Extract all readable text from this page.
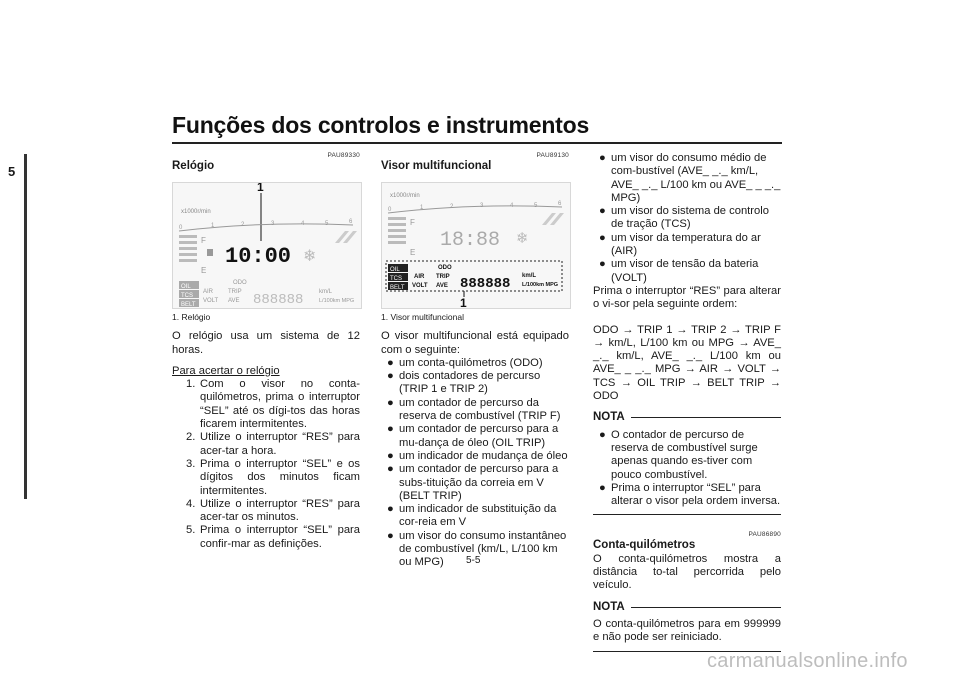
Funções dos controlos e instrumentos
5
PAU89330
Relógio
1
x1000r/min
0	1	2	3	4	5	6
F
E
10:00 ❄
OIL
TCS
BELT
ODO
AIR TRIP
VOLT AVE 888888	km/L
L/100km MPG
1. Relógio

O relógio usa um sistema de 12 horas.

Para acertar o relógio

1. Com o visor no conta-quilómetros, prima o interruptor “SEL” até os dígi-tos das horas ficarem intermitentes.
2. Utilize o interruptor “RES” para acer-tar a hora.
3. Prima o interruptor “SEL” e os dígitos dos minutos ficam intermitentes.
4. Utilize o interruptor “RES” para acer-tar os minutos.
5. Prima o interruptor “SEL” para confir-mar as definições.
PAU89130
Visor multifuncional
x1000r/min
0	1	2	3	4	5	6
F
E
18:88 ❄
OIL
TCS
BELT
ODO
AIR TRIP
VOLT AVE 888888 km/L
L/100km MPG
1
1. Visor multifuncional

O visor multifuncional está equipado com o seguinte:

● um conta-quilómetros (ODO)
● dois contadores de percurso (TRIP 1 e TRIP 2)
● um contador de percurso da reserva de combustível (TRIP F)
● um contador de percurso para a mu-dança de óleo (OIL TRIP)
● um indicador de mudança de óleo
● um contador de percurso para a subs-tituição da correia em V (BELT TRIP)
● um indicador de substituição da cor-reia em V
● um visor do consumo instantâneo de combustível (km/L, L/100 km ou MPG)
● um visor do consumo médio de com-bustível (AVE_ _._ km/L, AVE_ _._ L/100 km ou AVE_ _ _._ MPG)
● um visor do sistema de controlo de tração (TCS)
● um visor da temperatura do ar (AIR)
● um visor de tensão da bateria (VOLT)

Prima o interruptor “RES” para alterar o vi-sor pela seguinte ordem:

ODO → TRIP 1 → TRIP 2 → TRIP F → km/L, L/100 km ou MPG → AVE_ _._ km/L, AVE_ _._ L/100 km ou AVE_ _ _._ MPG → AIR → VOLT → TCS → OIL TRIP → BELT TRIP → ODO

NOTA
● O contador de percurso de reserva de combustível surge apenas quando es-tiver com pouco combustível.
● Prima o interruptor “SEL” para alterar o visor pela ordem inversa.
PAU86890
Conta-quilómetros

O conta-quilómetros mostra a distância to-tal percorrida pelo veículo.

NOTA

O conta-quilómetros para em 999999 e não pode ser reiniciado.

5-5
carmanualsonline.info
